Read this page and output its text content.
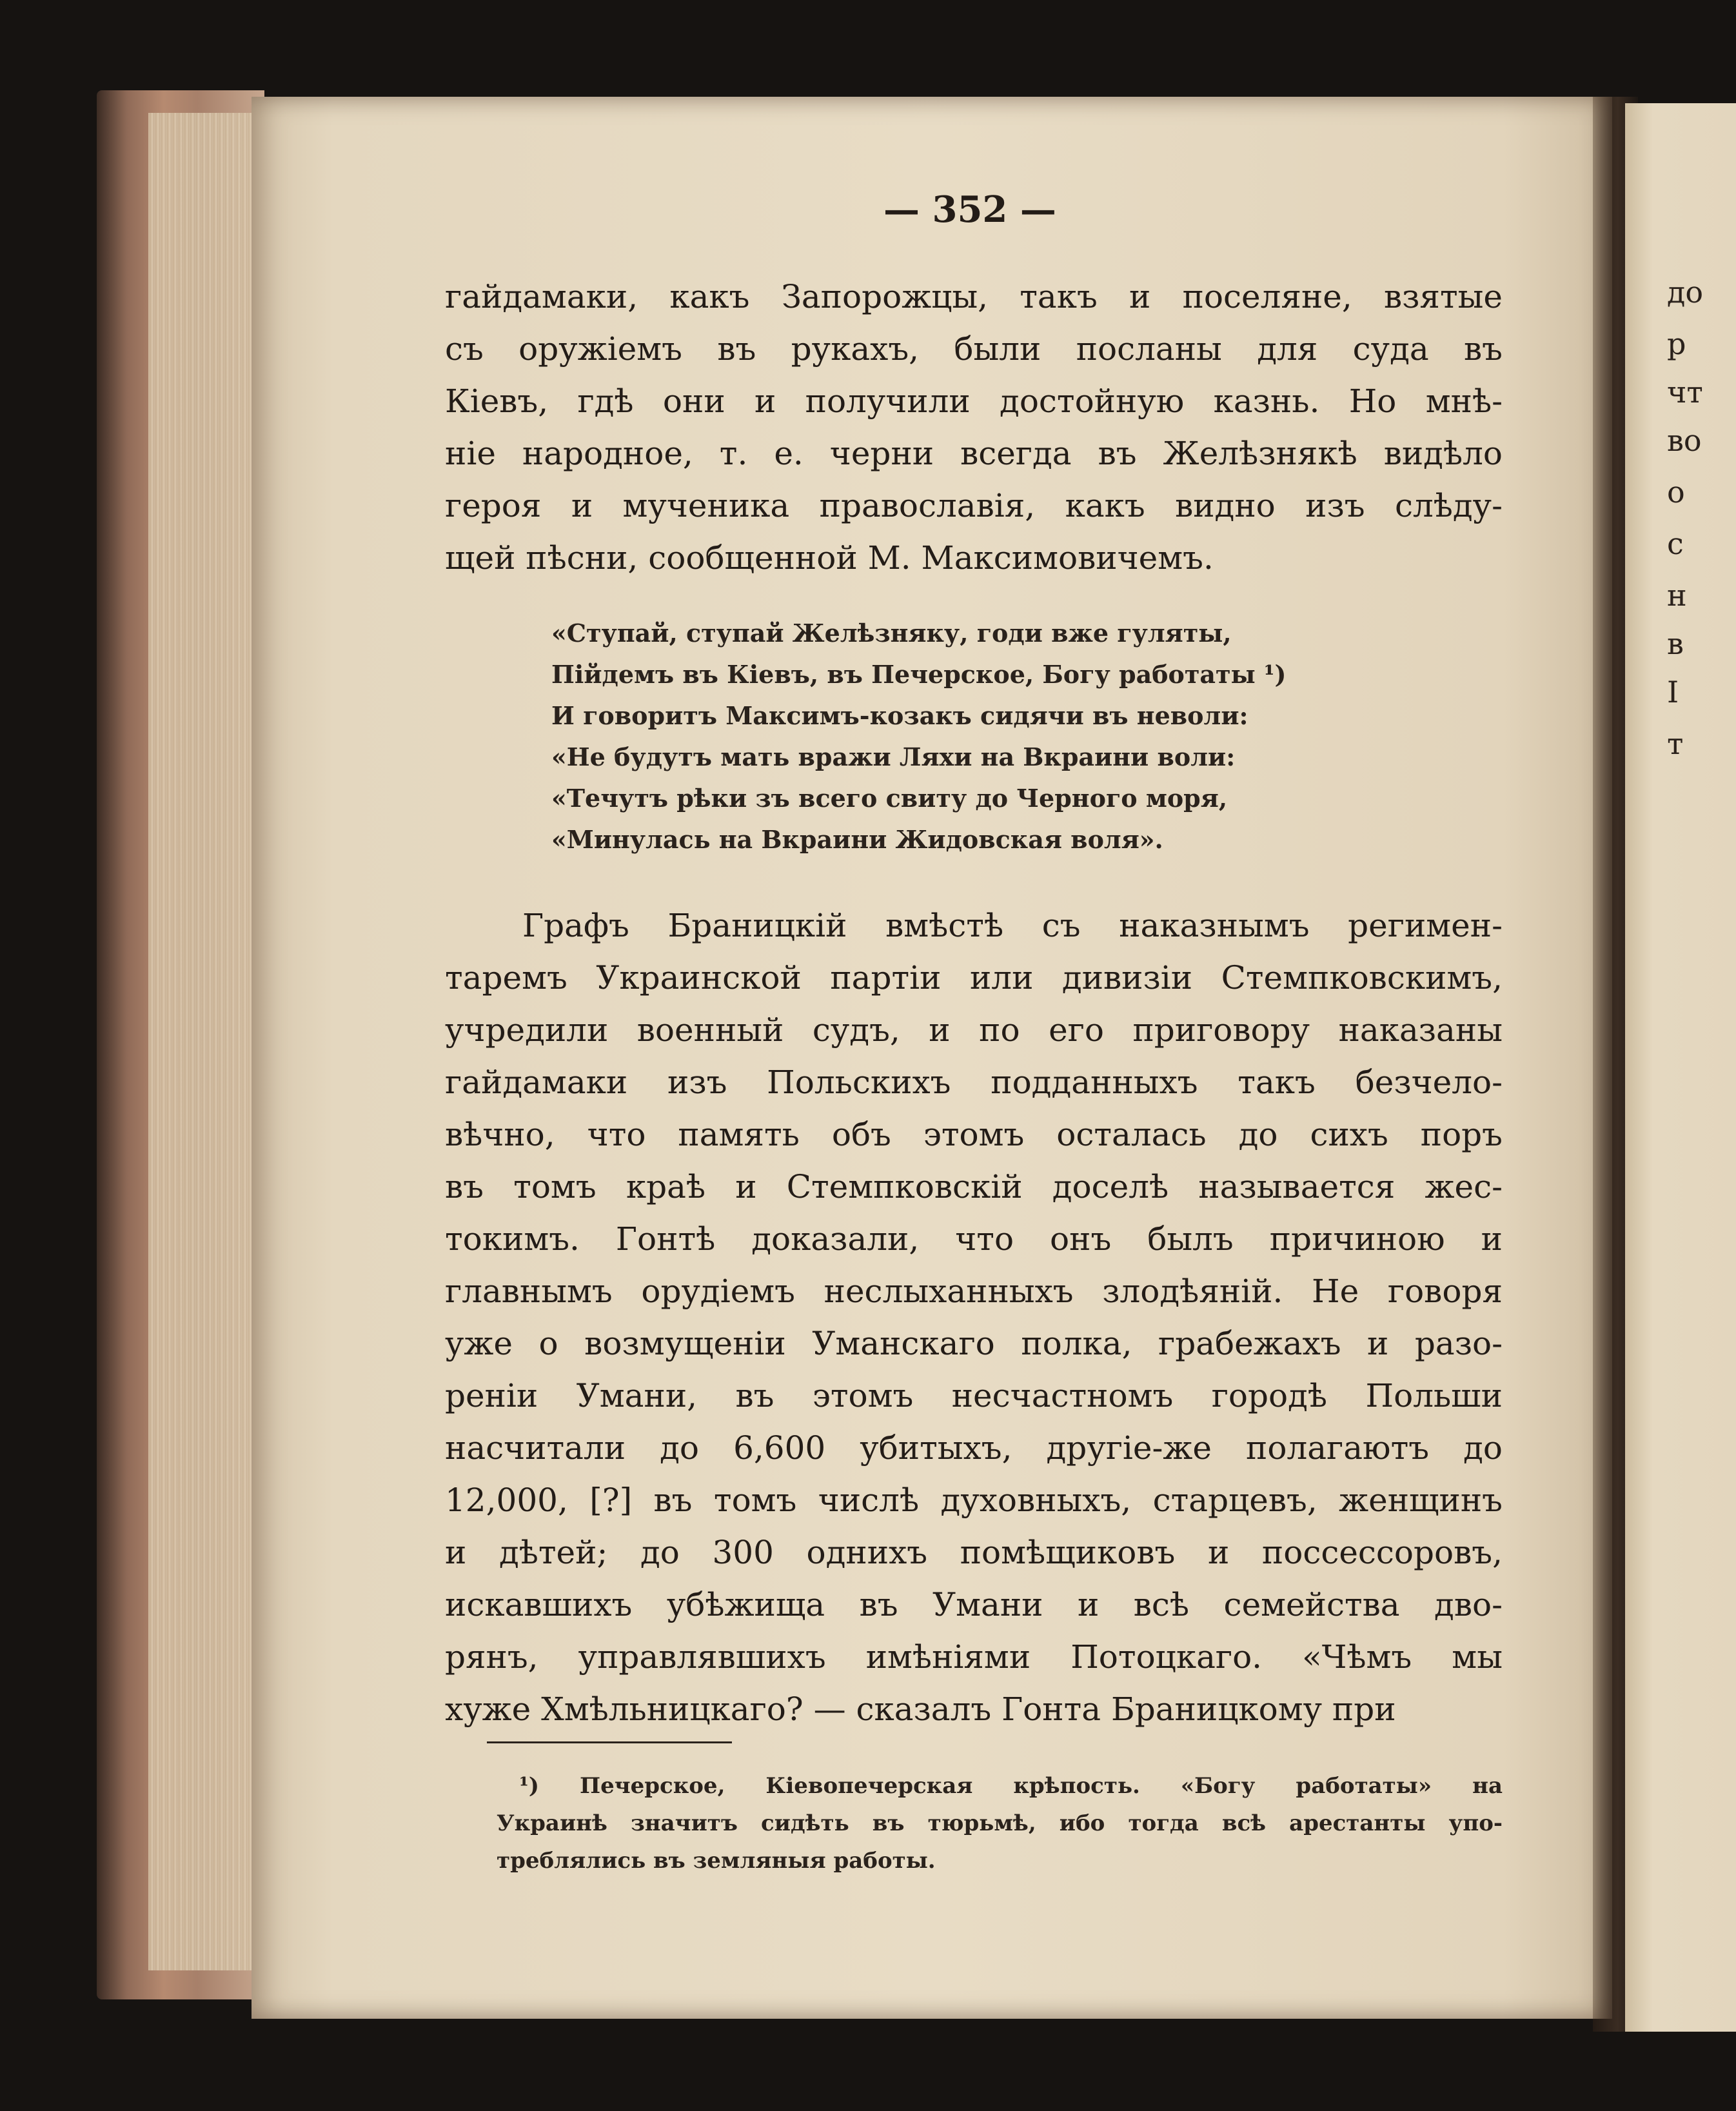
— 352 —
гайдамаки, какъ Запорожцы, такъ и поселяне, взятые
съ оружіемъ въ рукахъ, были посланы для суда въ
Кіевъ, гдѣ они и получили достойную казнь. Но мнѣ-
ніе народное, т. е. черни всегда въ Желѣзнякѣ видѣло
героя и мученика православія, какъ видно изъ слѣду-
щей пѣсни, сообщенной М. Максимовичемъ.
«Ступай, ступай Желѣзняку, годи вже гуляты,
Пійдемъ въ Кіевъ, въ Печерское, Богу работаты ¹)
И говоритъ Максимъ-козакъ сидячи въ неволи:
«Не будутъ мать вражи Ляхи на Вкраини воли:
«Течутъ рѣки зъ всего свиту до Черного моря,
«Минулась на Вкраини Жидовская воля».
Графъ Браницкій вмѣстѣ съ наказнымъ регимен-
таремъ Украинской партіи или дивизіи Стемпковскимъ,
учредили военный судъ, и по его приговору наказаны
гайдамаки изъ Польскихъ подданныхъ такъ безчело-
вѣчно, что память объ этомъ осталась до сихъ поръ
въ томъ краѣ и Стемпковскій доселѣ называется жес-
токимъ. Гонтѣ доказали, что онъ былъ причиною и
главнымъ орудіемъ неслыханныхъ злодѣяній. Не говоря
уже о возмущеніи Уманскаго полка, грабежахъ и разо-
реніи Умани, въ этомъ несчастномъ городѣ Польши
насчитали до 6,600 убитыхъ, другіе-же полагаютъ до
12,000, [?] въ томъ числѣ духовныхъ, старцевъ, женщинъ
и дѣтей; до 300 однихъ помѣщиковъ и поссессоровъ,
искавшихъ убѣжища въ Умани и всѣ семейства дво-
рянъ, управлявшихъ имѣніями Потоцкаго. «Чѣмъ мы
хуже Хмѣльницкаго? — сказалъ Гонта Браницкому при
¹) Печерское, Кіевопечерская крѣпость. «Богу работаты» на
Украинѣ значитъ сидѣть въ тюрьмѣ, ибо тогда всѣ арестанты упо-
треблялись въ земляныя работы.
до
р
чт
во
о
с
н
в
I
т
